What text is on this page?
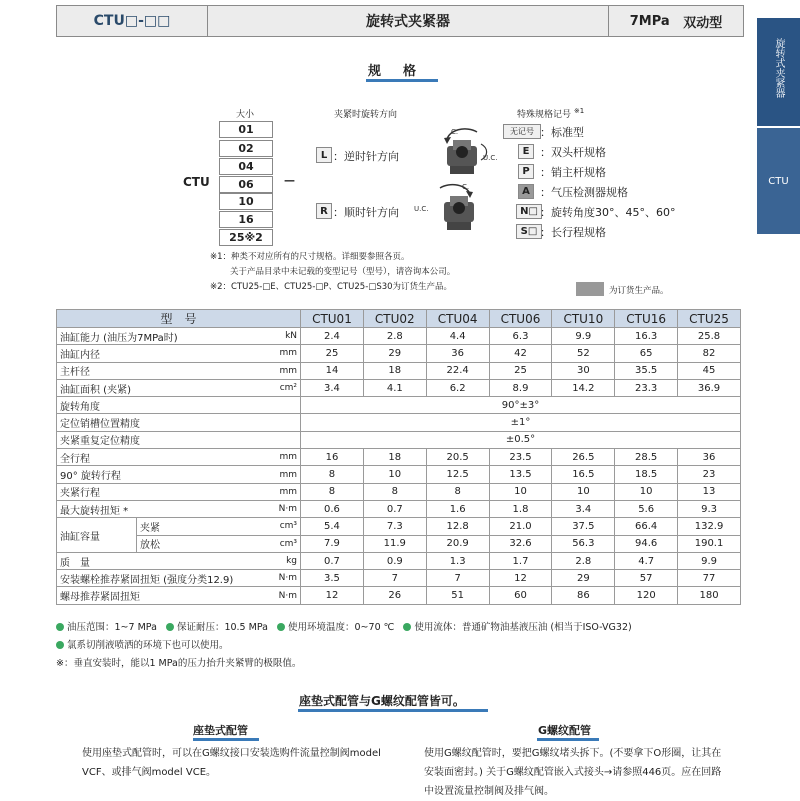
CTU□-□□	旋转式夹紧器	7MPa
双动型
旋转式夹紧器
CTU
规格
大小	夹紧时旋转方向	特殊规格记号 $^{※1}$
CTU
01
02
04
06
10
16
25※2
—
L ：逆时针方向
R ：顺时针方向
C.
U.C.
C.
U.C.
无记号 ：标准型
E ：双头杆规格
P ：销主杆规格
A ：气压检测器规格
N□ ：旋转角度30°、45°、60°
S□ ：长行程规格
※1：种类不对应所有的尺寸规格。详细要参照各页。
关于产品目录中未记载的变型记号（型号），请咨询本公司。
※2：CTU25-□E、CTU25-□P、CTU25-□S30为订货生产品。	为订货生产品。
型　号			CTU01	CTU02	CTU04	CTU06	CTU10	CTU16	CTU25
油缸能力 (油压为7MPa时)		kN	2.4	2.8	4.4	6.3	9.9	16.3	25.8
油缸内径		mm	25	29	36	42	52	65	82
主杆径		mm	14	18	22.4	25	30	35.5	45
油缸面积 (夹紧)		cm²	3.4	4.1	6.2	8.9	14.2	23.3	36.9
旋转角度			90°±3°						
定位销槽位置精度			±1°						
夹紧重复定位精度			±0.5°						
全行程		mm	16	18	20.5	23.5	26.5	28.5	36
90° 旋转行程		mm	8	10	12.5	13.5	16.5	18.5	23
夹紧行程		mm	8	8	8	10	10	10	13
最大旋转扭矩 *		N·m	0.6	0.7	1.6	1.8	3.4	5.6	9.3
油缸容量	夹紧	cm³	5.4	7.3	12.8	21.0	37.5	66.4	132.9
	放松	cm³	7.9	11.9	20.9	32.6	56.3	94.6	190.1
质　量		kg	0.7	0.9	1.3	1.7	2.8	4.7	9.9
安装螺栓推荐紧固扭矩 (强度分类12.9)		N·m	3.5	7	7	12	29	57	77
螺母推荐紧固扭矩		N·m	12	26	51	60	86	120	180
油压范围：1~7 MPa 保证耐压：10.5 MPa 使用环境温度：0~70 ℃ 使用流体：普通矿物油基液压油 (相当于ISO-VG32)
氯系切削液喷洒的环境下也可以使用。
※：垂直安装时，能以1 MPa的压力抬升夹紧臂的极限值。
座垫式配管与G螺纹配管皆可。
座垫式配管
使用座垫式配管时，可以在G螺纹接口安装选购件流量控制阀model VCF、或排气阀model VCE。
G螺纹配管
使用G螺纹配管时，要把G螺纹堵头拆下。(不要拿下O形圈，让其在安装面密封。) 关于G螺纹配管嵌入式接头→请参照446页。应在回路中设置流量控制阀及排气阀。
